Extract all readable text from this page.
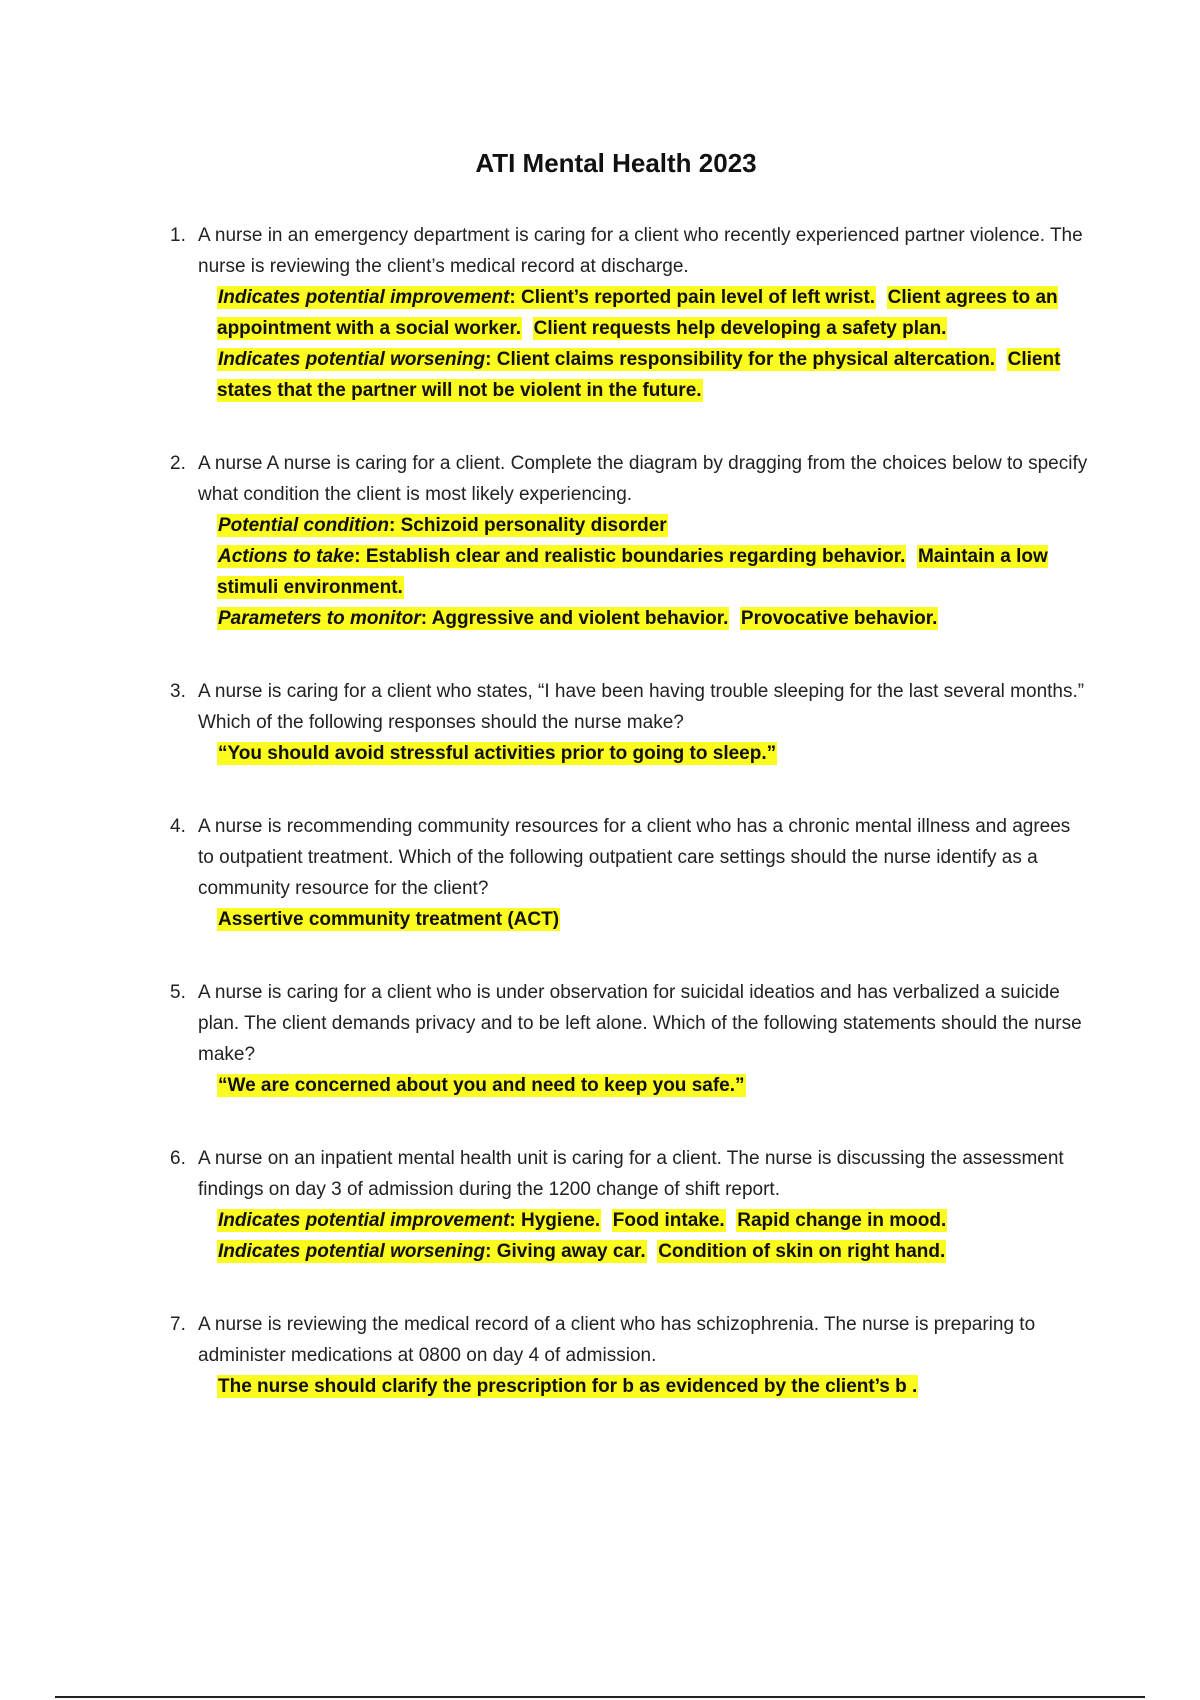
ATI Mental Health 2023
1. A nurse in an emergency department is caring for a client who recently experienced partner violence. The nurse is reviewing the client’s medical record at discharge.
Indicates potential improvement: Client’s reported pain level of left wrist. Client agrees to an appointment with a social worker. Client requests help developing a safety plan.
Indicates potential worsening: Client claims responsibility for the physical altercation. Client states that the partner will not be violent in the future.
2. A nurse A nurse is caring for a client. Complete the diagram by dragging from the choices below to specify what condition the client is most likely experiencing.
Potential condition: Schizoid personality disorder
Actions to take: Establish clear and realistic boundaries regarding behavior. Maintain a low stimuli environment.
Parameters to monitor: Aggressive and violent behavior. Provocative behavior.
3. A nurse is caring for a client who states, “I have been having trouble sleeping for the last several months.” Which of the following responses should the nurse make?
“You should avoid stressful activities prior to going to sleep.”
4. A nurse is recommending community resources for a client who has a chronic mental illness and agrees to outpatient treatment. Which of the following outpatient care settings should the nurse identify as a community resource for the client?
Assertive community treatment (ACT)
5. A nurse is caring for a client who is under observation for suicidal ideatios and has verbalized a suicide plan. The client demands privacy and to be left alone. Which of the following statements should the nurse make?
“We are concerned about you and need to keep you safe.”
6. A nurse on an inpatient mental health unit is caring for a client. The nurse is discussing the assessment findings on day 3 of admission during the 1200 change of shift report.
Indicates potential improvement: Hygiene. Food intake. Rapid change in mood.
Indicates potential worsening: Giving away car. Condition of skin on right hand.
7. A nurse is reviewing the medical record of a client who has schizophrenia. The nurse is preparing to administer medications at 0800 on day 4 of admission.
The nurse should clarify the prescription for b as evidenced by the client’s b .
